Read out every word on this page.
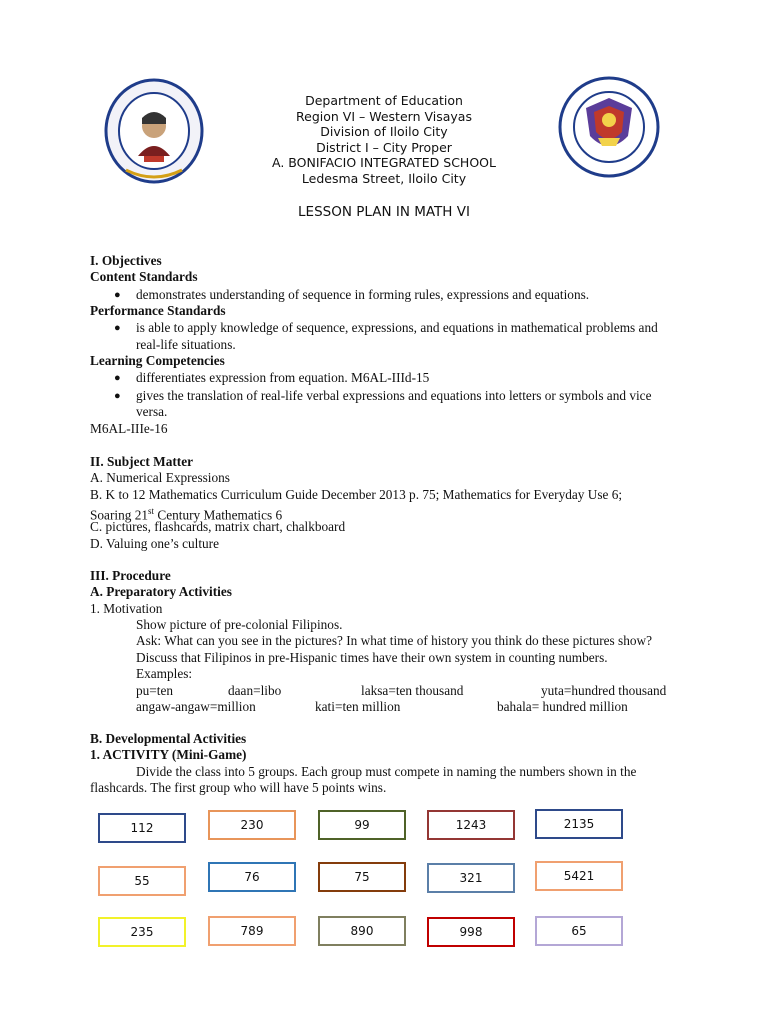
Department of Education
Region VI – Western Visayas
Division of Iloilo City
District I – City Proper
A. BONIFACIO INTEGRATED SCHOOL
Ledesma Street, Iloilo City
LESSON PLAN IN MATH VI
I. Objectives
Content Standards
● demonstrates understanding of sequence in forming rules, expressions and equations.
Performance Standards
● is able to apply knowledge of sequence, expressions, and equations in mathematical problems and
real-life situations.
Learning Competencies
● differentiates expression from equation. M6AL-IIId-15
● gives the translation of real-life verbal expressions and equations into letters or symbols and vice
versa.
M6AL-IIIe-16
II. Subject Matter
A. Numerical Expressions
B. K to 12 Mathematics Curriculum Guide December 2013 p. 75; Mathematics for Everyday Use 6;
Soaring 21st Century Mathematics 6
C. pictures, flashcards, matrix chart, chalkboard
D. Valuing one’s culture
III. Procedure
A. Preparatory Activities
1. Motivation
Show picture of pre-colonial Filipinos.
Ask: What can you see in the pictures? In what time of history you think do these pictures show?
Discuss that Filipinos in pre-Hispanic times have their own system in counting numbers.
Examples:
pu=ten	daan=libo	laksa=ten thousand	yuta=hundred thousand
angaw-angaw=million	kati=ten million	bahala= hundred million
B. Developmental Activities
1. ACTIVITY (Mini-Game)
Divide the class into 5 groups. Each group must compete in naming the numbers shown in the
flashcards. The first group who will have 5 points wins.
112	230	99	1243	2135
55	76	75	321	5421
235	789	890	998	65
